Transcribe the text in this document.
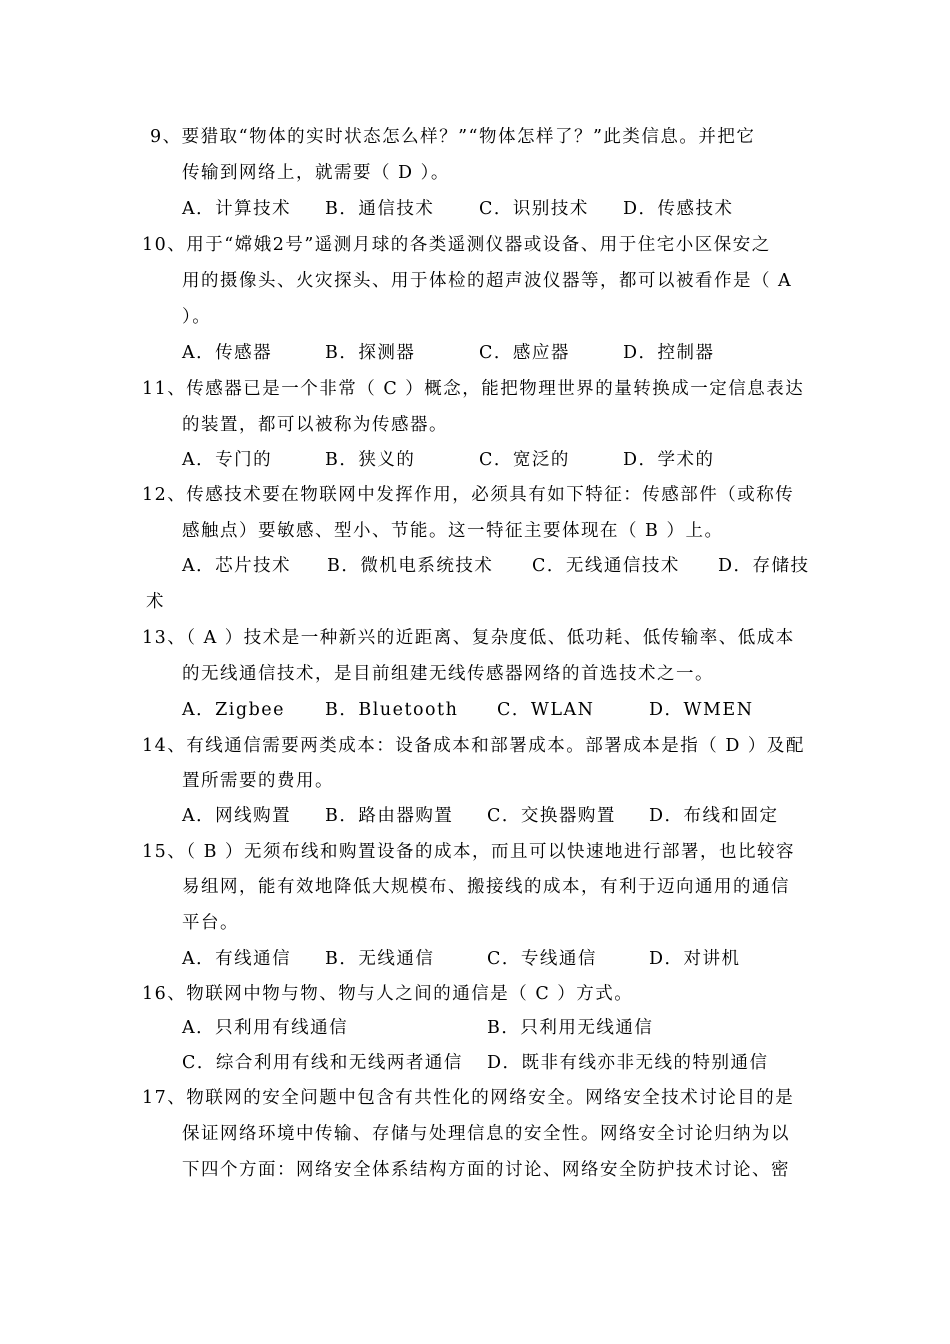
9、要猎取“物体的实时状态怎么样？”“物体怎样了？”此类信息。并把它
传输到网络上，就需要（ D ）。
A．计算技术 B．通信技术	C．识别技术 D．传感技术
10、用于“嫦娥2号”遥测月球的各类遥测仪器或设备、用于住宅小区保安之
用的摄像头、火灾探头、用于体检的超声波仪器等，都可以被看作是（ A
）。
A．传感器	B．探测器	C．感应器	D．控制器
11、传感器已是一个非常（ C ）概念，能把物理世界的量转换成一定信息表达
的装置，都可以被称为传感器。
A．专门的	B．狭义的	C．宽泛的	D．学术的
12、传感技术要在物联网中发挥作用，必须具有如下特征：传感部件（或称传
感触点）要敏感、型小、节能。这一特征主要体现在（ B ）上。
A．芯片技术 B．微机电系统技术 C．无线通信技术 D．存储技
术
13、（ A ）技术是一种新兴的近距离、复杂度低、低功耗、低传输率、低成本
的无线通信技术，是目前组建无线传感器网络的首选技术之一。
A．Zigbee B．Bluetooth C．WLAN	D．WMEN
14、有线通信需要两类成本：设备成本和部署成本。部署成本是指（ D ）及配
置所需要的费用。
A．网线购置 B．路由器购置 C．交换器购置 D．布线和固定
15、（ B ）无须布线和购置设备的成本，而且可以快速地进行部署，也比较容
易组网，能有效地降低大规模布、搬接线的成本，有利于迈向通用的通信
平台。
A．有线通信 B．无线通信	C．专线通信	D．对讲机
16、物联网中物与物、物与人之间的通信是（ C ）方式。
A．只利用有线通信	B．只利用无线通信
C．综合利用有线和无线两者通信 D．既非有线亦非无线的特别通信
17、物联网的安全问题中包含有共性化的网络安全。网络安全技术讨论目的是
保证网络环境中传输、存储与处理信息的安全性。网络安全讨论归纳为以
下四个方面：网络安全体系结构方面的讨论、网络安全防护技术讨论、密
